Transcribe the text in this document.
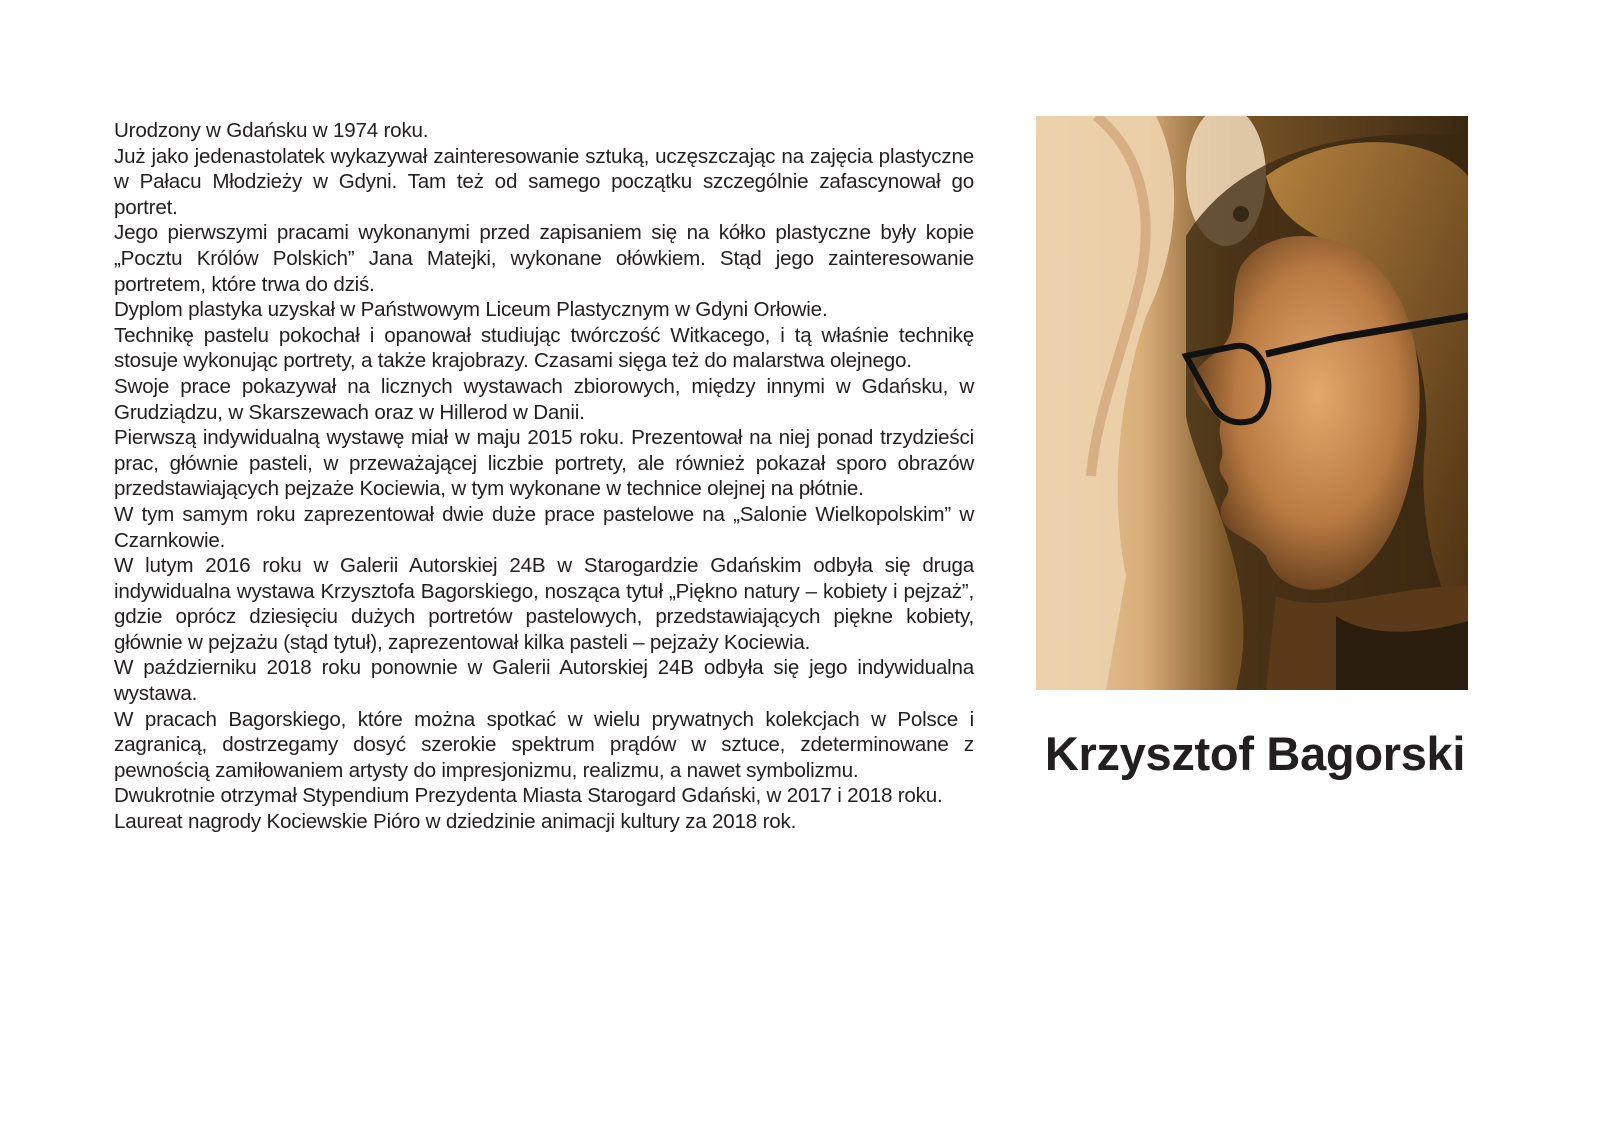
Urodzony w Gdańsku w 1974 roku.

Już jako jedenastolatek wykazywał zainteresowanie sztuką, uczęszczając na zajęcia plastyczne w Pałacu Młodzieży w Gdyni. Tam też od samego początku szczególnie zafascynował go portret.

Jego pierwszymi pracami wykonanymi przed zapisaniem się na kółko plastyczne były kopie „Pocztu Królów Polskich” Jana Matejki, wykonane ołówkiem. Stąd jego zainteresowanie portretem, które trwa do dziś.

Dyplom plastyka uzyskał w Państwowym Liceum Plastycznym w Gdyni Orłowie.

Technikę pastelu pokochał i opanował studiując twórczość Witkacego, i tą właśnie technikę stosuje wykonując portrety, a także krajobrazy. Czasami sięga też do malarstwa olejnego.

Swoje prace pokazywał na licznych wystawach zbiorowych, między innymi w Gdańsku, w Grudziądzu, w Skarszewach oraz w Hillerod w Danii.

Pierwszą indywidualną wystawę miał w maju 2015 roku. Prezentował na niej ponad trzydzieści prac, głównie pasteli, w przeważającej liczbie portrety, ale również pokazał sporo obrazów przedstawiających pejzaże Kociewia, w tym wykonane w technice olejnej na płótnie.

W tym samym roku zaprezentował dwie duże prace pastelowe na „Salonie Wielkopolskim” w Czarnkowie.

W lutym 2016 roku w Galerii Autorskiej 24B w Starogardzie Gdańskim odbyła się druga indywidualna wystawa Krzysztofa Bagorskiego, nosząca tytuł „Piękno natury – kobiety i pejzaż”, gdzie oprócz dziesięciu dużych portretów pastelowych, przedstawiających piękne kobiety, głównie w pejzażu (stąd tytuł), zaprezentował kilka pasteli – pejzaży Kociewia.

W październiku 2018 roku ponownie w Galerii Autorskiej 24B odbyła się jego indywidualna wystawa.

W pracach Bagorskiego, które można spotkać w wielu prywatnych kolekcjach w Polsce i zagranicą, dostrzegamy dosyć szerokie spektrum prądów w sztuce, zdeterminowane z pewnością zamiłowaniem artysty do impresjonizmu, realizmu, a nawet symbolizmu.

Dwukrotnie otrzymał Stypendium Prezydenta Miasta Starogard Gdański, w 2017 i 2018 roku.

Laureat nagrody Kociewskie Pióro w dziedzinie animacji kultury za 2018 rok.

Krzysztof Bagorski
